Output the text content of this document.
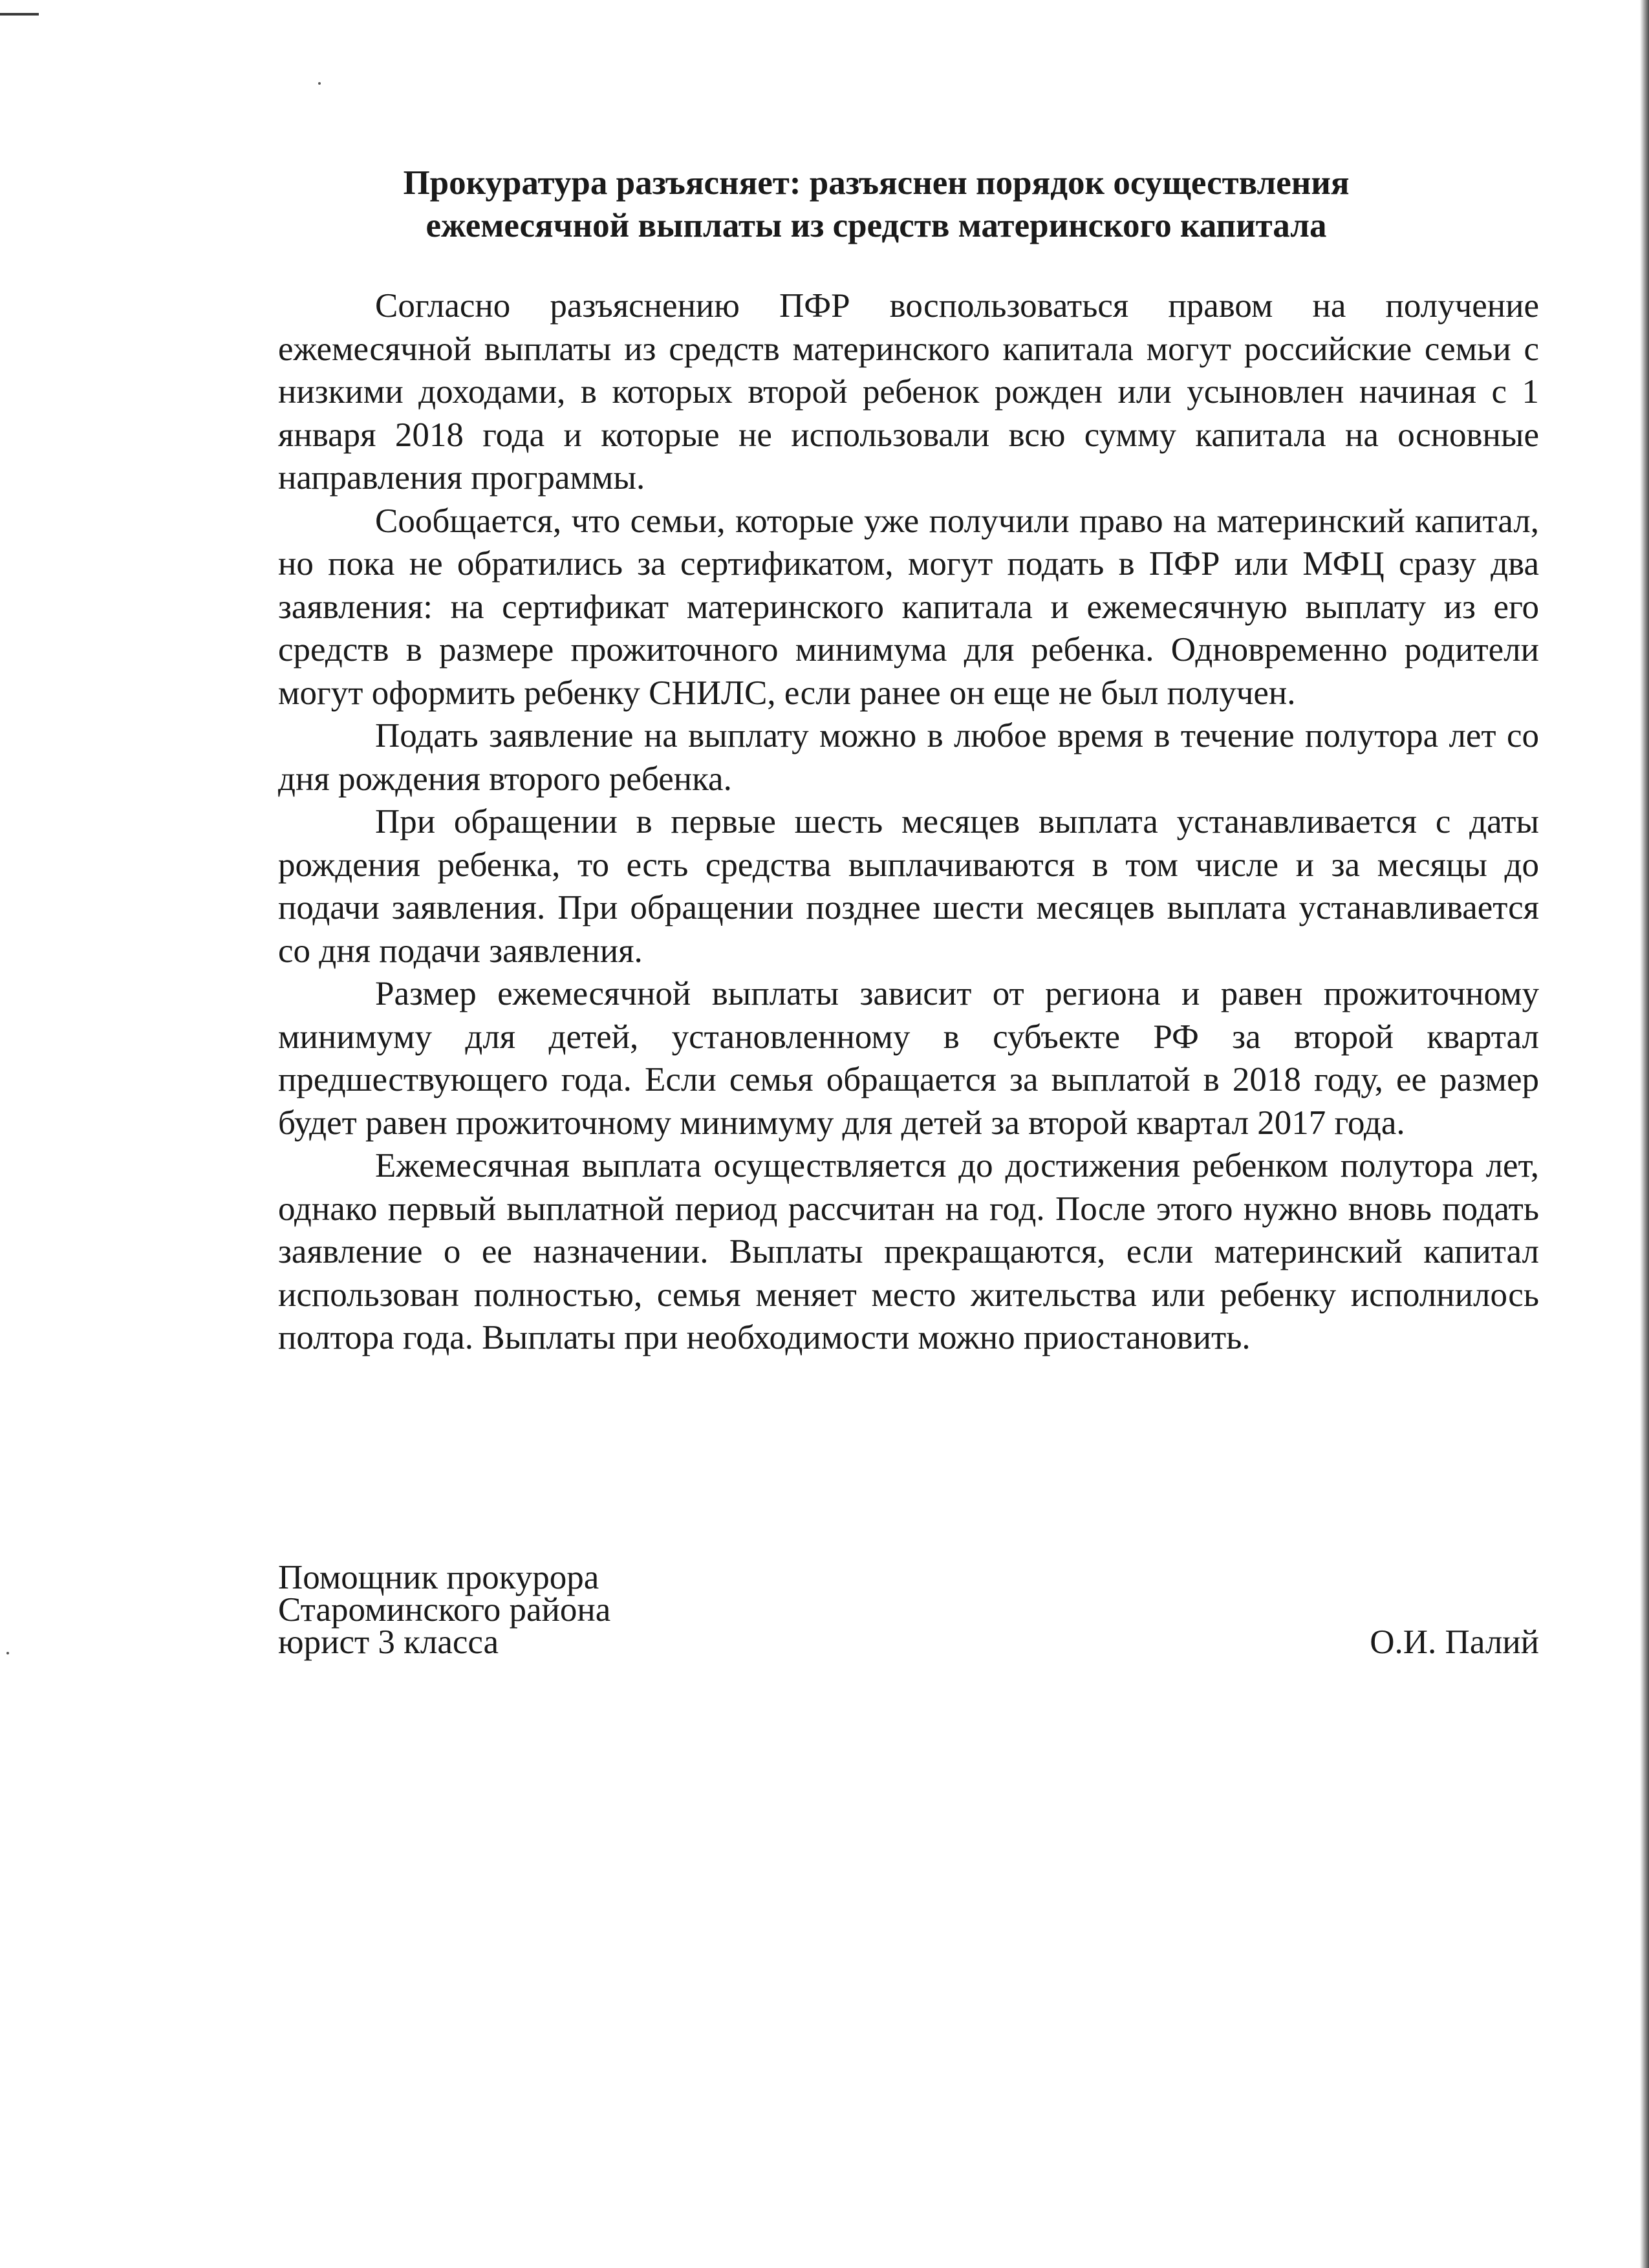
Прокуратура разъясняет: разъяснен порядок осуществления
ежемесячной выплаты из средств материнского капитала

Согласно разъяснению ПФР воспользоваться правом на получение ежемесячной выплаты из средств материнского капитала могут российские семьи с низкими доходами, в которых второй ребенок рожден или усыновлен начиная с 1 января 2018 года и которые не использовали всю сумму капитала на основные направления программы.

Сообщается, что семьи, которые уже получили право на материнский капитал, но пока не обратились за сертификатом, могут подать в ПФР или МФЦ сразу два заявления: на сертификат материнского капитала и ежемесячную выплату из его средств в размере прожиточного минимума для ребенка. Одновременно родители могут оформить ребенку СНИЛС, если ранее он еще не был получен.

Подать заявление на выплату можно в любое время в течение полутора лет со дня рождения второго ребенка.

При обращении в первые шесть месяцев выплата устанавливается с даты рождения ребенка, то есть средства выплачиваются в том числе и за месяцы до подачи заявления. При обращении позднее шести месяцев выплата устанавливается со дня подачи заявления.

Размер ежемесячной выплаты зависит от региона и равен прожиточному минимуму для детей, установленному в субъекте РФ за второй квартал предшествующего года. Если семья обращается за выплатой в 2018 году, ее размер будет равен прожиточному минимуму для детей за второй квартал 2017 года.

Ежемесячная выплата осуществляется до достижения ребенком полутора лет, однако первый выплатной период рассчитан на год. После этого нужно вновь подать заявление о ее назначении. Выплаты прекращаются, если материнский капитал использован полностью, семья меняет место жительства или ребенку исполнилось полтора года. Выплаты при необходимости можно приостановить.

Помощник прокурора
Староминского района
юрист 3 класса	О.И. Палий
